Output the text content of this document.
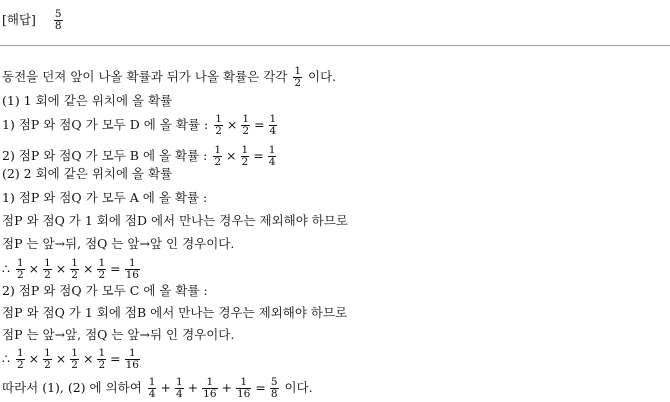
[해답] $\frac{5}{8}$
동전을 던져 앞이 나올 확률과 뒤가 나올 확률은 각각 $\frac{1}{2}$ 이다.
(1) 1 회에 같은 위치에 올 확률
1) 점P 와 점Q 가 모두 D 에 올 확률 : $\frac{1}{2} \times \frac{1}{2} = \frac{1}{4}$
2) 점P 와 점Q 가 모두 B 에 올 확률 : $\frac{1}{2} \times \frac{1}{2} = \frac{1}{4}$
(2) 2 회에 같은 위치에 올 확률
1) 점P 와 점Q 가 모두 A 에 올 확률 :
점P 와 점Q 가 1 회에 점D 에서 만나는 경우는 제외해야 하므로
점P 는 앞→뒤, 점Q 는 앞→앞 인 경우이다.
∴ $\frac{1}{2} \times \frac{1}{2} \times \frac{1}{2} \times \frac{1}{2} = \frac{1}{16}$
2) 점P 와 점Q 가 모두 C 에 올 확률 :
점P 와 점Q 가 1 회에 점B 에서 만나는 경우는 제외해야 하므로
점P 는 앞→앞, 점Q 는 앞→뒤 인 경우이다.
∴ $\frac{1}{2} \times \frac{1}{2} \times \frac{1}{2} \times \frac{1}{2} = \frac{1}{16}$
따라서 (1), (2) 에 의하여 $\frac{1}{4} + \frac{1}{4} + \frac{1}{16} + \frac{1}{16} = \frac{5}{8}$ 이다.
